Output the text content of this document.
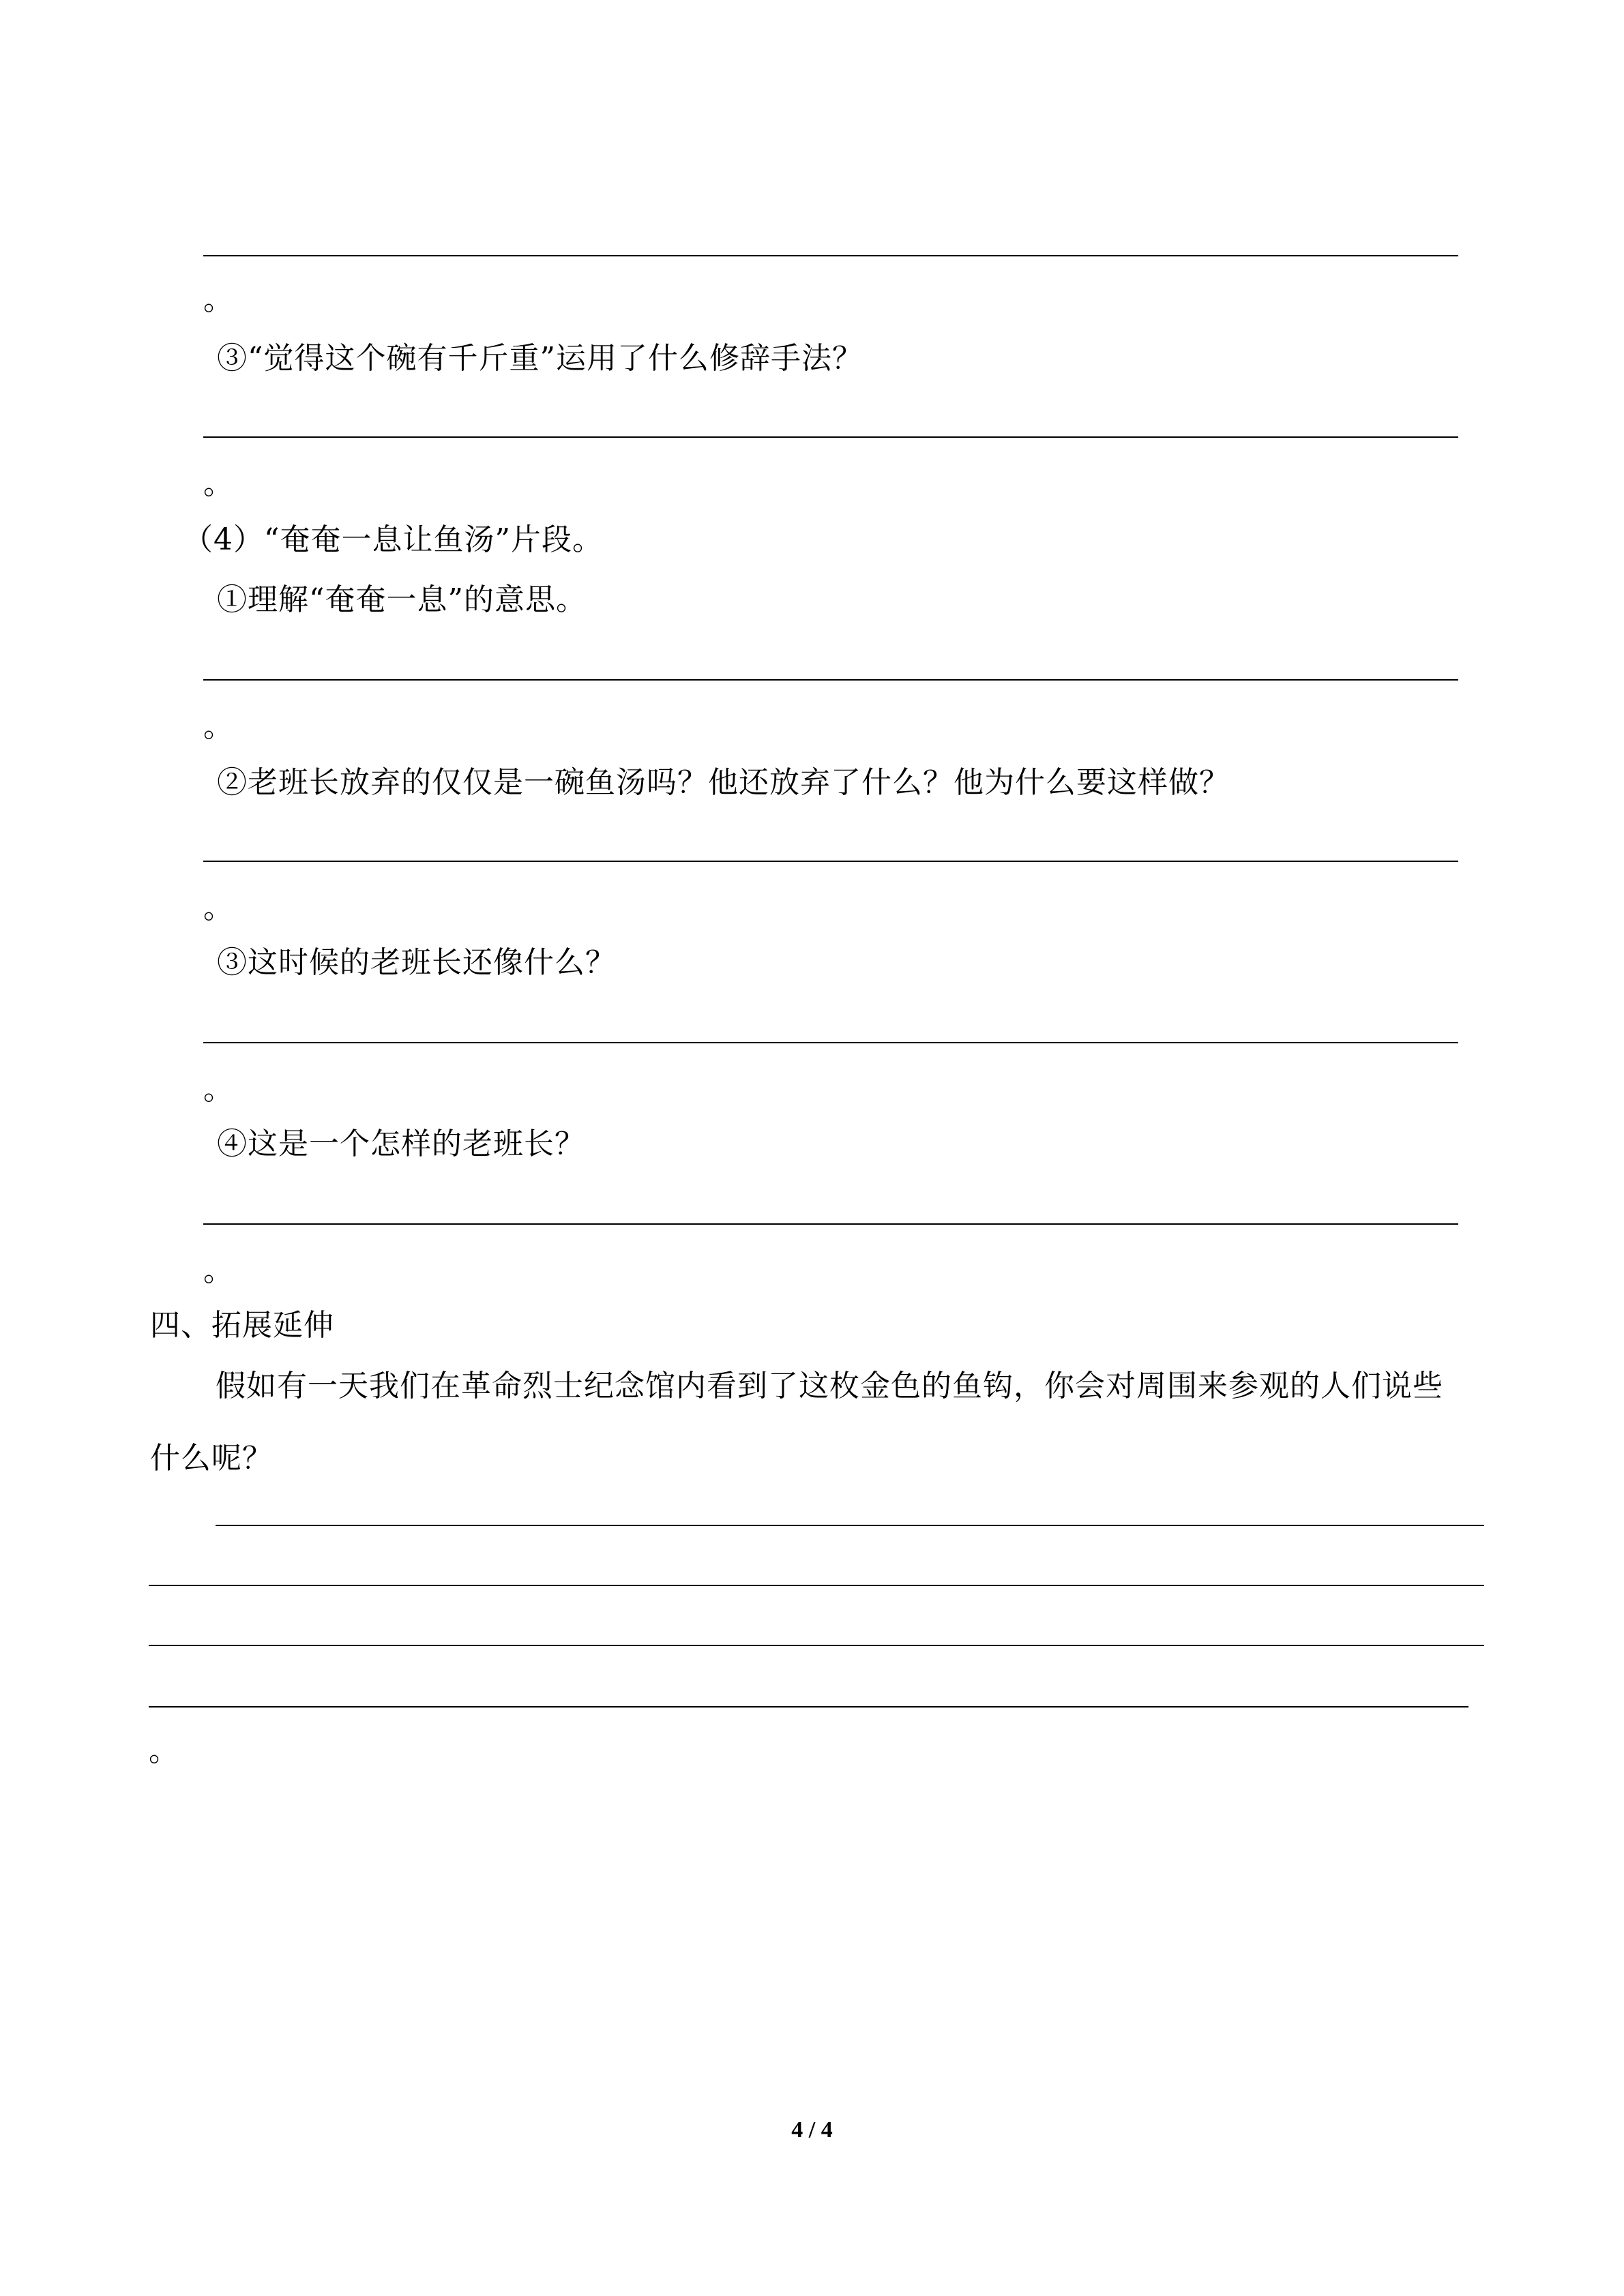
。
③“觉得这个碗有千斤重”运用了什么修辞手法？
。
（4）“奄奄一息让鱼汤”片段。
①理解“奄奄一息”的意思。
。
②老班长放弃的仅仅是一碗鱼汤吗？他还放弃了什么？他为什么要这样做？
。
③这时候的老班长还像什么？
。
④这是一个怎样的老班长？
。
四、拓展延伸
假如有一天我们在革命烈士纪念馆内看到了这枚金色的鱼钩，你会对周围来参观的人们说些什么呢？
。
4 / 4
